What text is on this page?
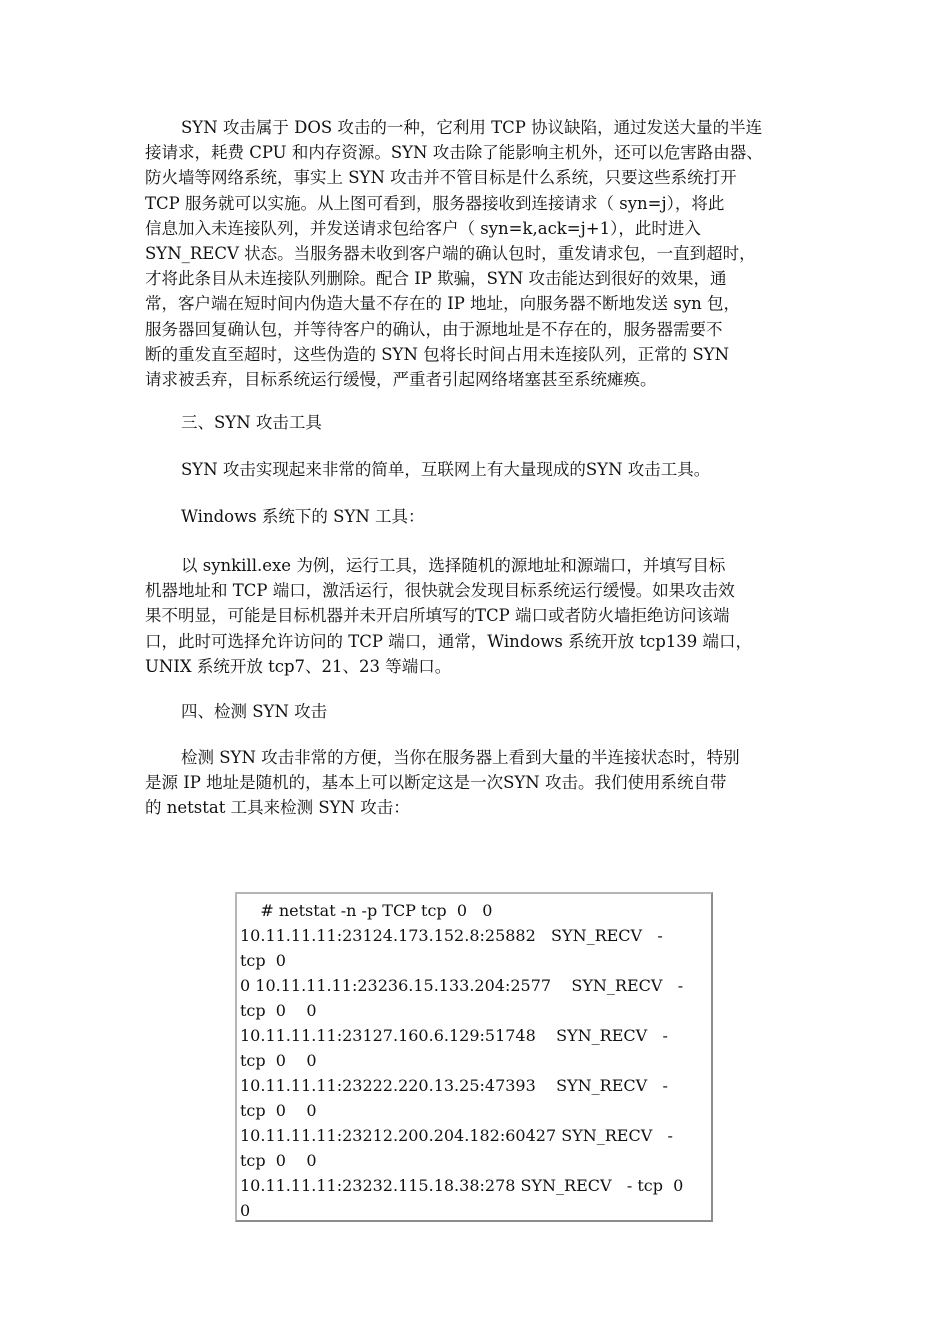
SYN 攻击属于 DOS 攻击的一种，它利用 TCP 协议缺陷，通过发送大量的半连
接请求，耗费 CPU 和内存资源。SYN 攻击除了能影响主机外，还可以危害路由器、
防火墙等网络系统，事实上 SYN 攻击并不管目标是什么系统，只要这些系统打开
TCP 服务就可以实施。从上图可看到，服务器接收到连接请求（ syn=j），将此
信息加入未连接队列，并发送请求包给客户（ syn=k,ack=j+1），此时进入
SYN_RECV 状态。当服务器未收到客户端的确认包时，重发请求包，一直到超时，
才将此条目从未连接队列删除。配合 IP 欺骗，SYN 攻击能达到很好的效果，通
常，客户端在短时间内伪造大量不存在的 IP 地址，向服务器不断地发送 syn 包，
服务器回复确认包，并等待客户的确认，由于源地址是不存在的，服务器需要不
断的重发直至超时，这些伪造的 SYN 包将长时间占用未连接队列，正常的 SYN
请求被丢弃，目标系统运行缓慢，严重者引起网络堵塞甚至系统瘫痪。

三、SYN 攻击工具

SYN 攻击实现起来非常的简单，互联网上有大量现成的SYN 攻击工具。

Windows 系统下的 SYN 工具：

以 synkill.exe 为例，运行工具，选择随机的源地址和源端口，并填写目标
机器地址和 TCP 端口，激活运行，很快就会发现目标系统运行缓慢。如果攻击效
果不明显，可能是目标机器并未开启所填写的TCP 端口或者防火墙拒绝访问该端
口，此时可选择允许访问的 TCP 端口，通常，Windows 系统开放 tcp139 端口，
UNIX 系统开放 tcp7、21、23 等端口。

四、检测 SYN 攻击

检测 SYN 攻击非常的方便，当你在服务器上看到大量的半连接状态时，特别
是源 IP 地址是随机的，基本上可以断定这是一次SYN 攻击。我们使用系统自带
的 netstat 工具来检测 SYN 攻击：
# netstat -n -p TCP tcp  0   0
10.11.11.11:23124.173.152.8:25882   SYN_RECV   -
tcp  0
0 10.11.11.11:23236.15.133.204:2577    SYN_RECV   -
tcp  0    0
10.11.11.11:23127.160.6.129:51748    SYN_RECV   -
tcp  0    0
10.11.11.11:23222.220.13.25:47393    SYN_RECV   -
tcp  0    0
10.11.11.11:23212.200.204.182:60427 SYN_RECV   -
tcp  0    0
10.11.11.11:23232.115.18.38:278 SYN_RECV   - tcp  0
0
